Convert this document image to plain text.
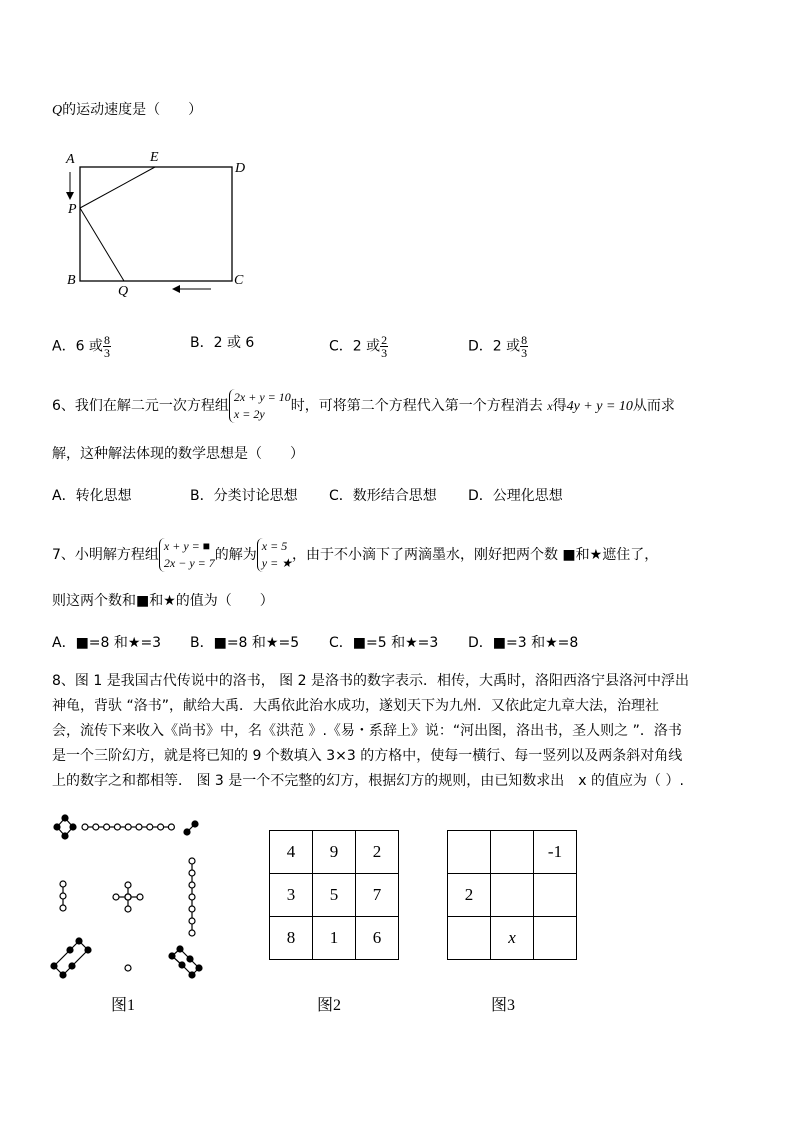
Q的运动速度是（　　）
A	E
D
P
B	C
Q
A．6 或 $\frac{8}{3}$	B．2 或 6	C．2 或 $\frac{2}{3}$	D．2 或 $\frac{8}{3}$
6、我们在解二元一次方程组
2x + y = 10
x = 2y	时，可将第二个方程代入第一个方程消去 x得4y + y = 10从而求
解，这种解法体现的数学思想是（　　）
A．转化思想	B．分类讨论思想 C．数形结合思想 D．公理化思想
7、小明解方程组
x + y = ■
2x − y = 7 的解为
x = 5
y = ★ ，由于不小滴下了两滴墨水，刚好把两个数 ■和★遮住了，
则这两个数和■和★的值为（　　）
A．■=8 和★=3 B．■=8 和★=5 C．■=5 和★=3 D．■=3 和★=8
8、图 1 是我国古代传说中的洛书， 图 2 是洛书的数字表示．相传，大禹时，洛阳西洛宁县洛河中浮出
神龟，背驮 “洛书”，献给大禹．大禹依此治水成功，遂划天下为九州．又依此定九章大法，治理社
会，流传下来收入《尚书》中，名《洪范 》.《易・系辞上》说：“河出图，洛出书，圣人则之 ”．洛书
是一个三阶幻方，就是将已知的 9 个数填入 3×3 的方格中，使每一横行、每一竖列以及两条斜对角线
上的数字之和都相等． 图 3 是一个不完整的幻方，根据幻方的规则，由已知数求出　x 的值应为（ ）.
4	9	2
3	5	7
8	1	6
		-1
2		
	x	
图1	图2	图3
